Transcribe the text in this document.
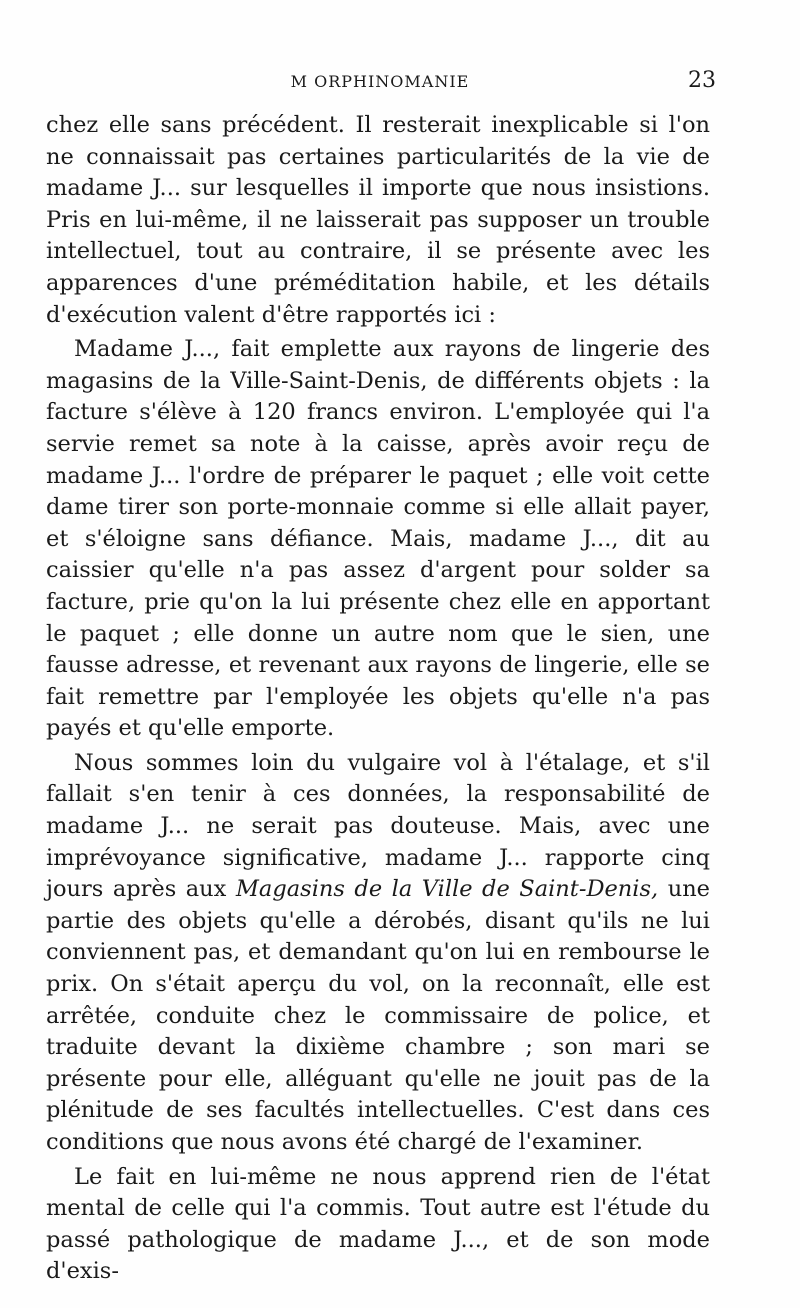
M ORPHINOMANIE	23

chez elle sans précédent. Il resterait inexplicable si l'on ne connaissait pas certaines particularités de la vie de madame J... sur lesquelles il importe que nous insistions. Pris en lui-même, il ne laisserait pas supposer un trouble intellectuel, tout au contraire, il se présente avec les apparences d'une préméditation habile, et les détails d'exécution valent d'être rapportés ici :

Madame J..., fait emplette aux rayons de lingerie des magasins de la Ville-Saint-Denis, de différents objets : la facture s'élève à 120 francs environ. L'employée qui l'a servie remet sa note à la caisse, après avoir reçu de madame J... l'ordre de préparer le paquet ; elle voit cette dame tirer son porte-monnaie comme si elle allait payer, et s'éloigne sans défiance. Mais, madame J..., dit au caissier qu'elle n'a pas assez d'argent pour solder sa facture, prie qu'on la lui présente chez elle en apportant le paquet ; elle donne un autre nom que le sien, une fausse adresse, et revenant aux rayons de lingerie, elle se fait remettre par l'employée les objets qu'elle n'a pas payés et qu'elle emporte.

Nous sommes loin du vulgaire vol à l'étalage, et s'il fallait s'en tenir à ces données, la responsabilité de madame J... ne serait pas douteuse. Mais, avec une imprévoyance significative, madame J... rapporte cinq jours après aux Magasins de la Ville de Saint-Denis, une partie des objets qu'elle a dérobés, disant qu'ils ne lui conviennent pas, et demandant qu'on lui en rembourse le prix. On s'était aperçu du vol, on la reconnaît, elle est arrêtée, conduite chez le commissaire de police, et traduite devant la dixième chambre ; son mari se présente pour elle, alléguant qu'elle ne jouit pas de la plénitude de ses facultés intellectuelles. C'est dans ces conditions que nous avons été chargé de l'examiner.

Le fait en lui-même ne nous apprend rien de l'état mental de celle qui l'a commis. Tout autre est l'étude du passé pathologique de madame J..., et de son mode d'exis-
